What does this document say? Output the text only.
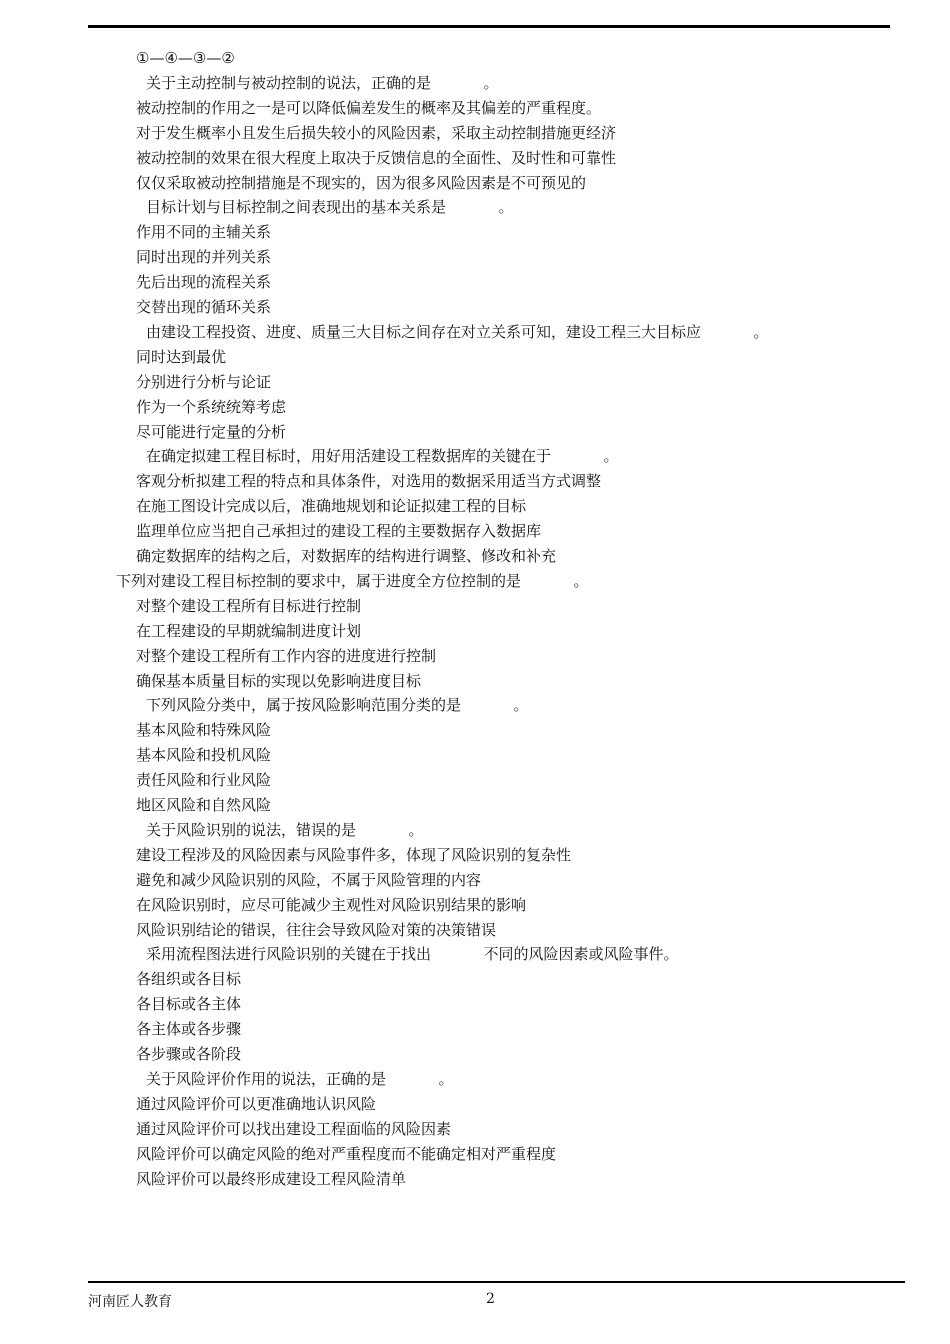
①—④—③—②
关于主动控制与被动控制的说法，正确的是           。
被动控制的作用之一是可以降低偏差发生的概率及其偏差的严重程度。
对于发生概率小且发生后损失较小的风险因素，采取主动控制措施更经济
被动控制的效果在很大程度上取决于反馈信息的全面性、及时性和可靠性
仅仅采取被动控制措施是不现实的，因为很多风险因素是不可预见的
目标计划与目标控制之间表现出的基本关系是           。
作用不同的主辅关系
同时出现的并列关系
先后出现的流程关系
交替出现的循环关系
由建设工程投资、进度、质量三大目标之间存在对立关系可知，建设工程三大目标应           。
同时达到最优
分别进行分析与论证
作为一个系统统筹考虑
尽可能进行定量的分析
在确定拟建工程目标时，用好用活建设工程数据库的关键在于           。
客观分析拟建工程的特点和具体条件，对选用的数据采用适当方式调整
在施工图设计完成以后，准确地规划和论证拟建工程的目标
监理单位应当把自己承担过的建设工程的主要数据存入数据库
确定数据库的结构之后，对数据库的结构进行调整、修改和补充
下列对建设工程目标控制的要求中，属于进度全方位控制的是           。
对整个建设工程所有目标进行控制
在工程建设的早期就编制进度计划
对整个建设工程所有工作内容的进度进行控制
确保基本质量目标的实现以免影响进度目标
下列风险分类中，属于按风险影响范围分类的是           。
基本风险和特殊风险
基本风险和投机风险
责任风险和行业风险
地区风险和自然风险
关于风险识别的说法，错误的是           。
建设工程涉及的风险因素与风险事件多，体现了风险识别的复杂性
避免和减少风险识别的风险，不属于风险管理的内容
在风险识别时，应尽可能减少主观性对风险识别结果的影响
风险识别结论的错误，往往会导致风险对策的决策错误
采用流程图法进行风险识别的关键在于找出           不同的风险因素或风险事件。
各组织或各目标
各目标或各主体
各主体或各步骤
各步骤或各阶段
关于风险评价作用的说法，正确的是           。
通过风险评价可以更准确地认识风险
通过风险评价可以找出建设工程面临的风险因素
风险评价可以确定风险的绝对严重程度而不能确定相对严重程度
风险评价可以最终形成建设工程风险清单
河南匠人教育	2
